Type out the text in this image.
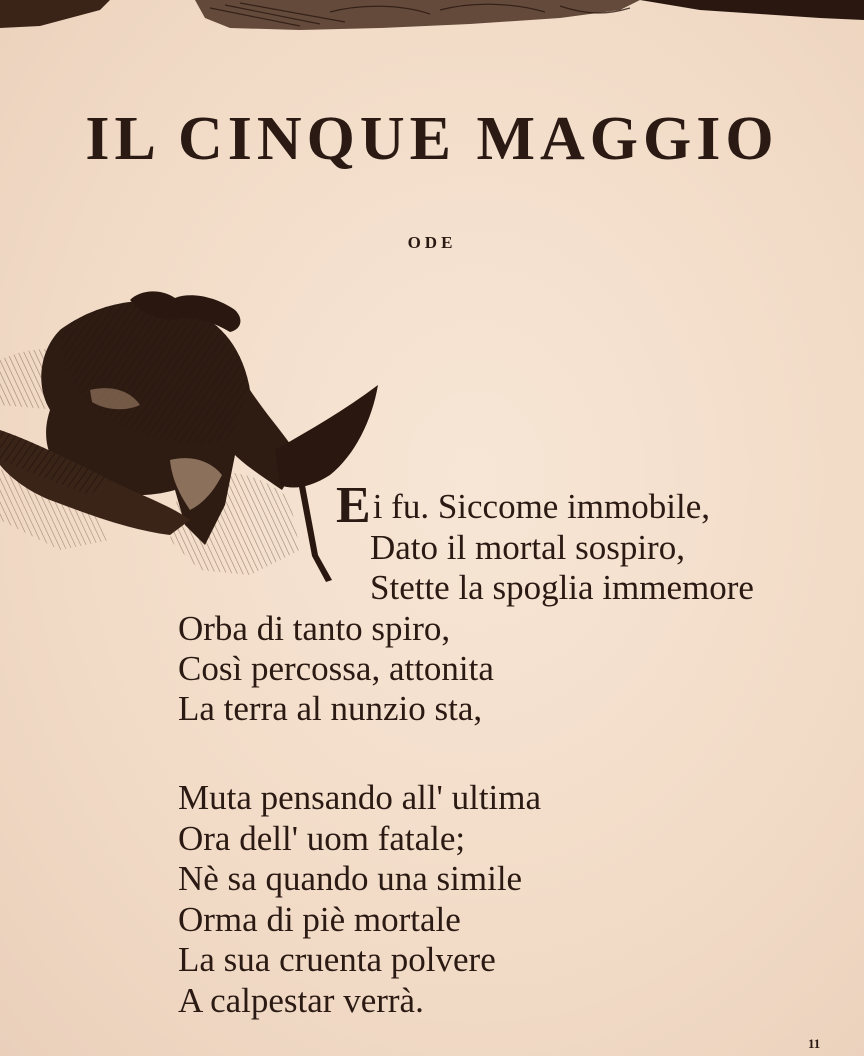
IL CINQUE MAGGIO
ODE
Ei fu. Siccome immobile,
Dato il mortal sospiro,
Stette la spoglia immemore
Orba di tanto spiro,
Così percossa, attonita
La terra al nunzio sta,
Muta pensando all' ultima
Ora dell' uom fatale;
Nè sa quando una simile
Orma di piè mortale
La sua cruenta polvere
A calpestar verrà.
11
